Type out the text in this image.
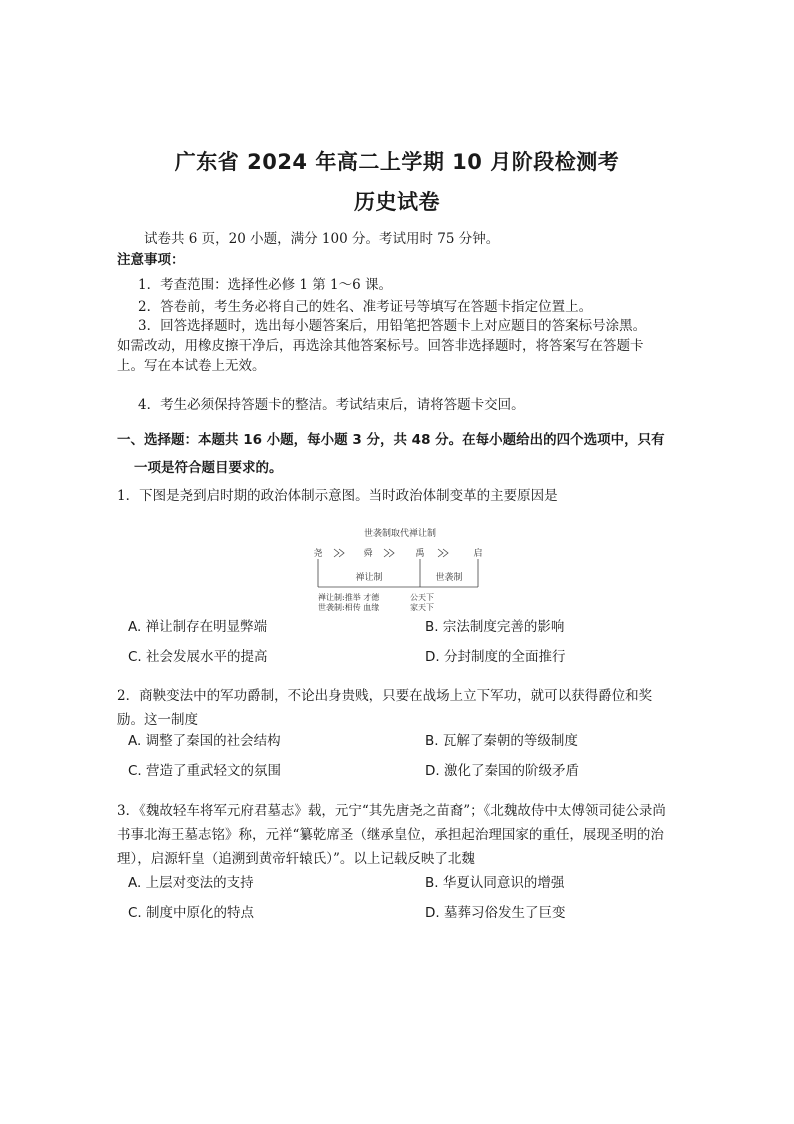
广东省 2024 年高二上学期 10 月阶段检测考
历史试卷
试卷共 6 页，20 小题，满分 100 分。考试用时 75 分钟。
注意事项：
1．考查范围：选择性必修 1 第 1～6 课。
2．答卷前，考生务必将自己的姓名、准考证号等填写在答题卡指定位置上。
3．回答选择题时，选出每小题答案后，用铅笔把答题卡上对应题目的答案标号涂黑。
如需改动，用橡皮擦干净后，再选涂其他答案标号。回答非选择题时，将答案写在答题卡
上。写在本试卷上无效。
4．考生必须保持答题卡的整洁。考试结束后，请将答题卡交回。
一、选择题：本题共 16 小题，每小题 3 分，共 48 分。在每小题给出的四个选项中，只有
一项是符合题目要求的。
1．下图是尧到启时期的政治体制示意图。当时政治体制变革的主要原因是
世袭制取代禅让制
尧	舜	禹	启
禅让制	世袭制
禅让制:推举 才德	公天下
世袭制:相传 血缘	家天下
A. 禅让制存在明显弊端	B. 宗法制度完善的影响
C. 社会发展水平的提高	D. 分封制度的全面推行
2．商鞅变法中的军功爵制，不论出身贵贱，只要在战场上立下军功，就可以获得爵位和奖励。这一制度
A. 调整了秦国的社会结构	B. 瓦解了秦朝的等级制度
C. 营造了重武轻文的氛围	D. 激化了秦国的阶级矛盾
3．《魏故轻车将军元府君墓志》载，元宁“其先唐尧之苗裔”；《北魏故侍中太傅领司徒公录尚书事北海王墓志铭》称，元祥“纂乾席圣（继承皇位，承担起治理国家的重任，展现圣明的治理），启源轩皇（追溯到黄帝轩辕氏）”。以上记载反映了北魏
A. 上层对变法的支持	B. 华夏认同意识的增强
C. 制度中原化的特点	D. 墓葬习俗发生了巨变
